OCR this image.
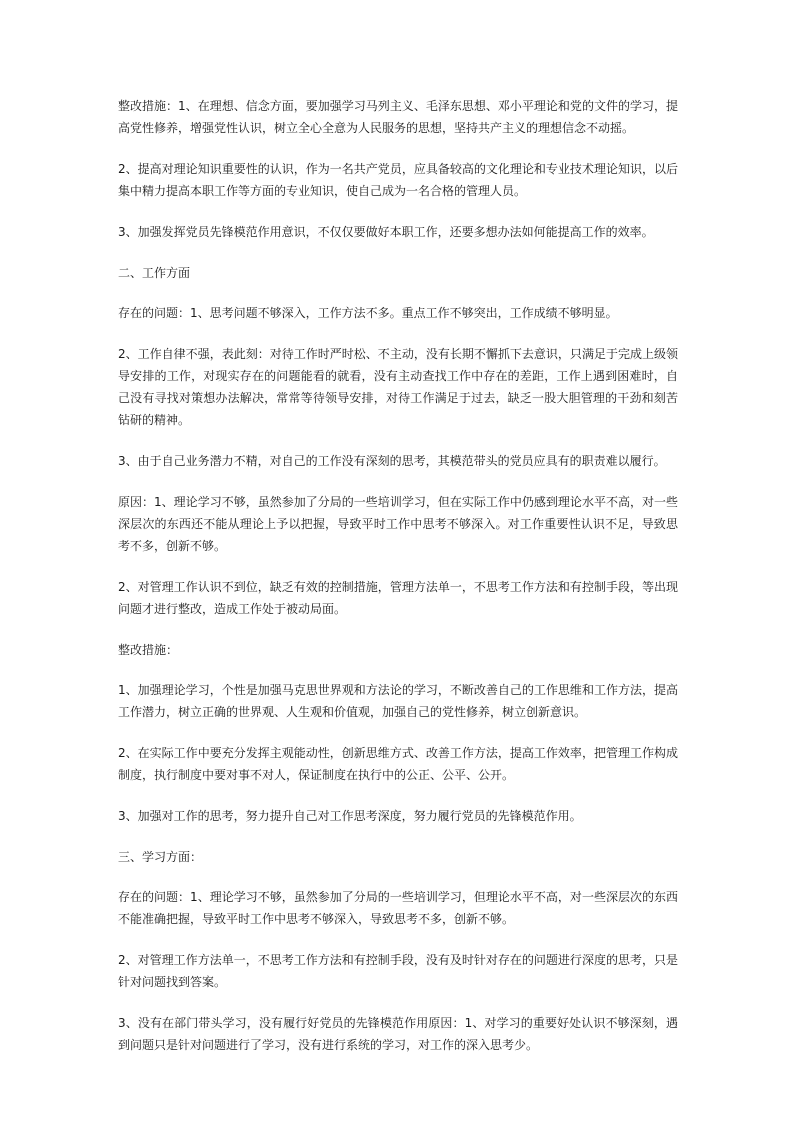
整改措施：1、在理想、信念方面，要加强学习马列主义、毛泽东思想、邓小平理论和党的文件的学习，提高党性修养，增强党性认识，树立全心全意为人民服务的思想，坚持共产主义的理想信念不动摇。

2、提高对理论知识重要性的认识，作为一名共产党员，应具备较高的文化理论和专业技术理论知识，以后集中精力提高本职工作等方面的专业知识，使自己成为一名合格的管理人员。

3、加强发挥党员先锋模范作用意识，不仅仅要做好本职工作，还要多想办法如何能提高工作的效率。

二、工作方面

存在的问题：1、思考问题不够深入，工作方法不多。重点工作不够突出，工作成绩不够明显。

2、工作自律不强，表此刻：对待工作时严时松、不主动，没有长期不懈抓下去意识，只满足于完成上级领导安排的工作，对现实存在的问题能看的就看，没有主动查找工作中存在的差距，工作上遇到困难时，自己没有寻找对策想办法解决，常常等待领导安排，对待工作满足于过去，缺乏一股大胆管理的干劲和刻苦钻研的精神。

3、由于自己业务潜力不精，对自己的工作没有深刻的思考，其模范带头的党员应具有的职责难以履行。

原因：1、理论学习不够，虽然参加了分局的一些培训学习，但在实际工作中仍感到理论水平不高，对一些深层次的东西还不能从理论上予以把握，导致平时工作中思考不够深入。对工作重要性认识不足，导致思考不多，创新不够。

2、对管理工作认识不到位，缺乏有效的控制措施，管理方法单一，不思考工作方法和有控制手段，等出现问题才进行整改，造成工作处于被动局面。

整改措施：

1、加强理论学习，个性是加强马克思世界观和方法论的学习，不断改善自己的工作思维和工作方法，提高工作潜力，树立正确的世界观、人生观和价值观，加强自己的党性修养，树立创新意识。

2、在实际工作中要充分发挥主观能动性，创新思维方式、改善工作方法，提高工作效率，把管理工作构成制度，执行制度中要对事不对人，保证制度在执行中的公正、公平、公开。

3、加强对工作的思考，努力提升自己对工作思考深度，努力履行党员的先锋模范作用。

三、学习方面：

存在的问题：1、理论学习不够，虽然参加了分局的一些培训学习，但理论水平不高，对一些深层次的东西不能准确把握，导致平时工作中思考不够深入，导致思考不多，创新不够。

2、对管理工作方法单一，不思考工作方法和有控制手段，没有及时针对存在的问题进行深度的思考，只是针对问题找到答案。

3、没有在部门带头学习，没有履行好党员的先锋模范作用原因：1、对学习的重要好处认识不够深刻，遇到问题只是针对问题进行了学习，没有进行系统的学习，对工作的深入思考少。
